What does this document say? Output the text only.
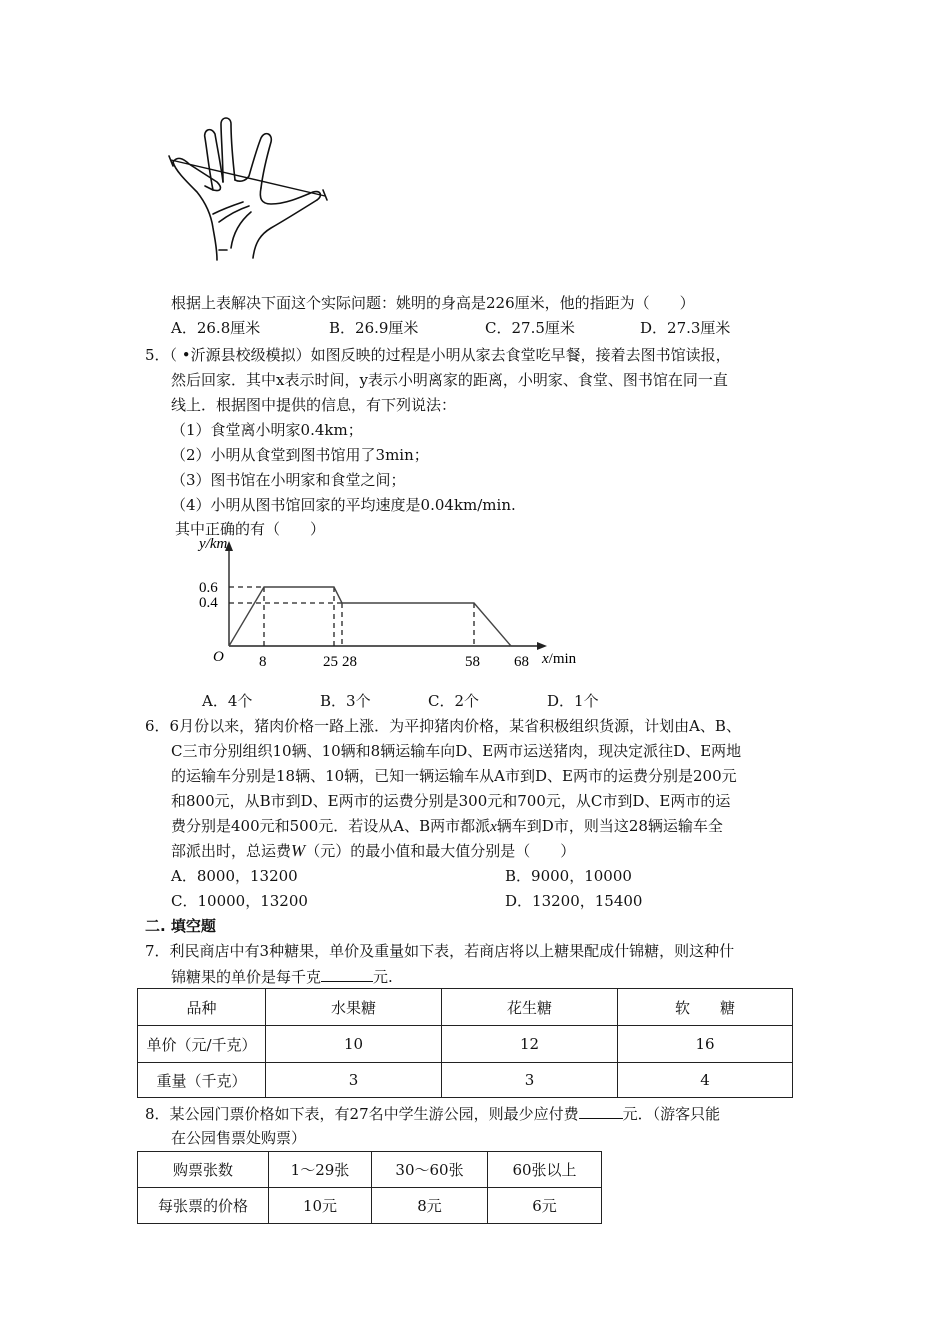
根据上表解决下面这个实际问题：姚明的身高是226厘米，他的指距为（　　）
A．26.8厘米	B．26.9厘米	C．27.5厘米	D．27.3厘米
5．（ •沂源县校级模拟）如图反映的过程是小明从家去食堂吃早餐，接着去图书馆读报，
然后回家．其中x表示时间，y表示小明离家的距离，小明家、食堂、图书馆在同一直
线上．根据图中提供的信息，有下列说法：
（1）食堂离小明家0.4km；
（2）小明从食堂到图书馆用了3min；
（3）图书馆在小明家和食堂之间；
（4）小明从图书馆回家的平均速度是0.04km/min.
其中正确的有（　　）
y/km
0.6
0.4
O 8	25 28	58 68 x/min
A．4个	B．3个	C．2个	D．1个
6．6月份以来，猪肉价格一路上涨．为平抑猪肉价格，某省积极组织货源，计划由A、B、
C三市分别组织10辆、10辆和8辆运输车向D、E两市运送猪肉，现决定派往D、E两地
的运输车分别是18辆、10辆，已知一辆运输车从A市到D、E两市的运费分别是200元
和800元，从B市到D、E两市的运费分别是300元和700元，从C市到D、E两市的运
费分别是400元和500元．若设从A、B两市都派x辆车到D市，则当这28辆运输车全
部派出时，总运费W（元）的最小值和最大值分别是（　　）
A．8000，13200	B．9000，10000
C．10000，13200	D．13200，15400
二. 填空题
7．利民商店中有3种糖果，单价及重量如下表，若商店将以上糖果配成什锦糖，则这种什
锦糖果的单价是每千克	元.
品种	水果糖	花生糖	软　　糖
单价（元/千克）	10	12	16
重量（千克）	3	3	4
8．某公园门票价格如下表，有27名中学生游公园，则最少应付费	元．（游客只能
在公园售票处购票）
购票张数	1～29张	30～60张	60张以上
每张票的价格	10元	8元	6元
